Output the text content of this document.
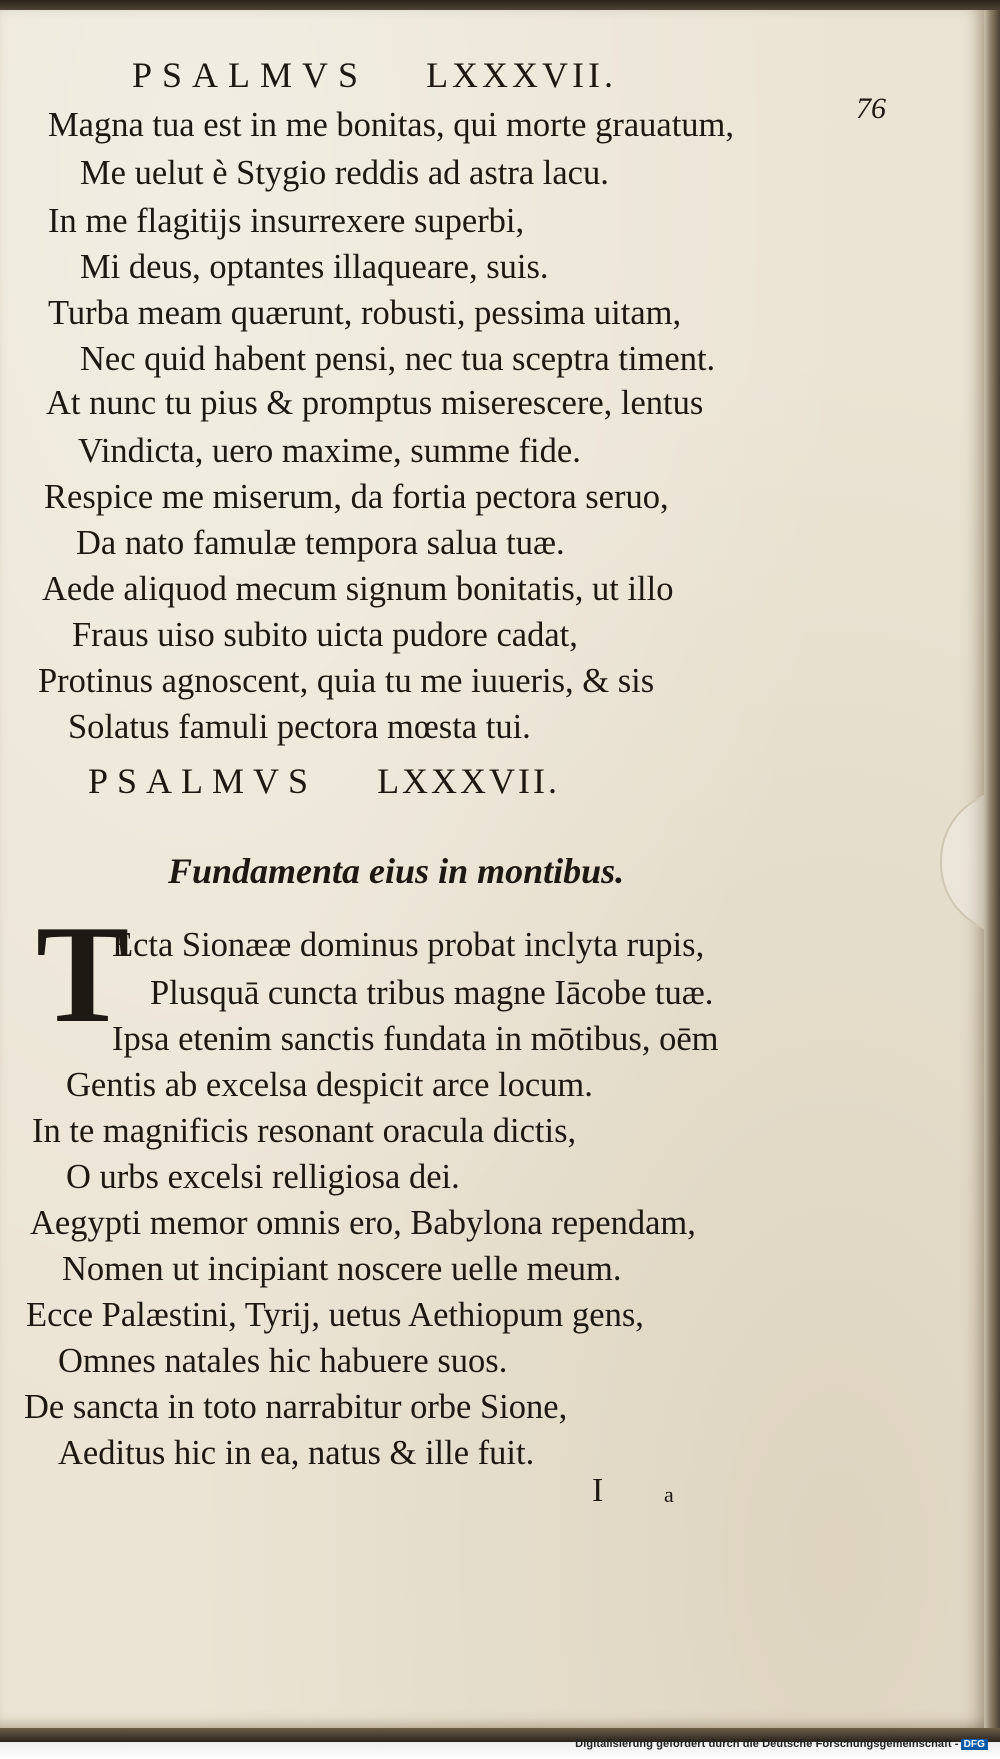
PSALMVS LXXXVII.
76
Magna tua est in me bonitas, qui morte grauatum,
Me uelut è Stygio reddis ad astra lacu.
In me flagitijs insurrexere superbi,
Mi deus, optantes illaqueare, suis.
Turba meam quærunt, robusti, pessima uitam,
Nec quid habent pensi, nec tua sceptra timent.
At nunc tu pius & promptus miserescere, lentus
Vindicta, uero maxime, summe fide.
Respice me miserum, da fortia pectora seruo,
Da nato famulæ tempora salua tuæ.
Aede aliquod mecum signum bonitatis, ut illo
Fraus uiso subito uicta pudore cadat,
Protinus agnoscent, quia tu me iuueris, & sis
Solatus famuli pectora mœsta tui.
PSALMVS LXXXVII.
Fundamenta eius in montibus.
T
Ecta Sionææ dominus probat inclyta rupis,
Plusquā cuncta tribus magne Iācobe tuæ.
Ipsa etenim sanctis fundata in mōtibus, oēm
Gentis ab excelsa despicit arce locum.
In te magnificis resonant oracula dictis,
O urbs excelsi relligiosa dei.
Aegypti memor omnis ero, Babylona rependam,
Nomen ut incipiant noscere uelle meum.
Ecce Palæstini, Tyrij, uetus Aethiopum gens,
Omnes natales hic habuere suos.
De sancta in toto narrabitur orbe Sione,
Aeditus hic in ea, natus & ille fuit.
I	a
Digitalisierung gefördert durch die Deutsche Forschungsgemeinschaft - DFG
